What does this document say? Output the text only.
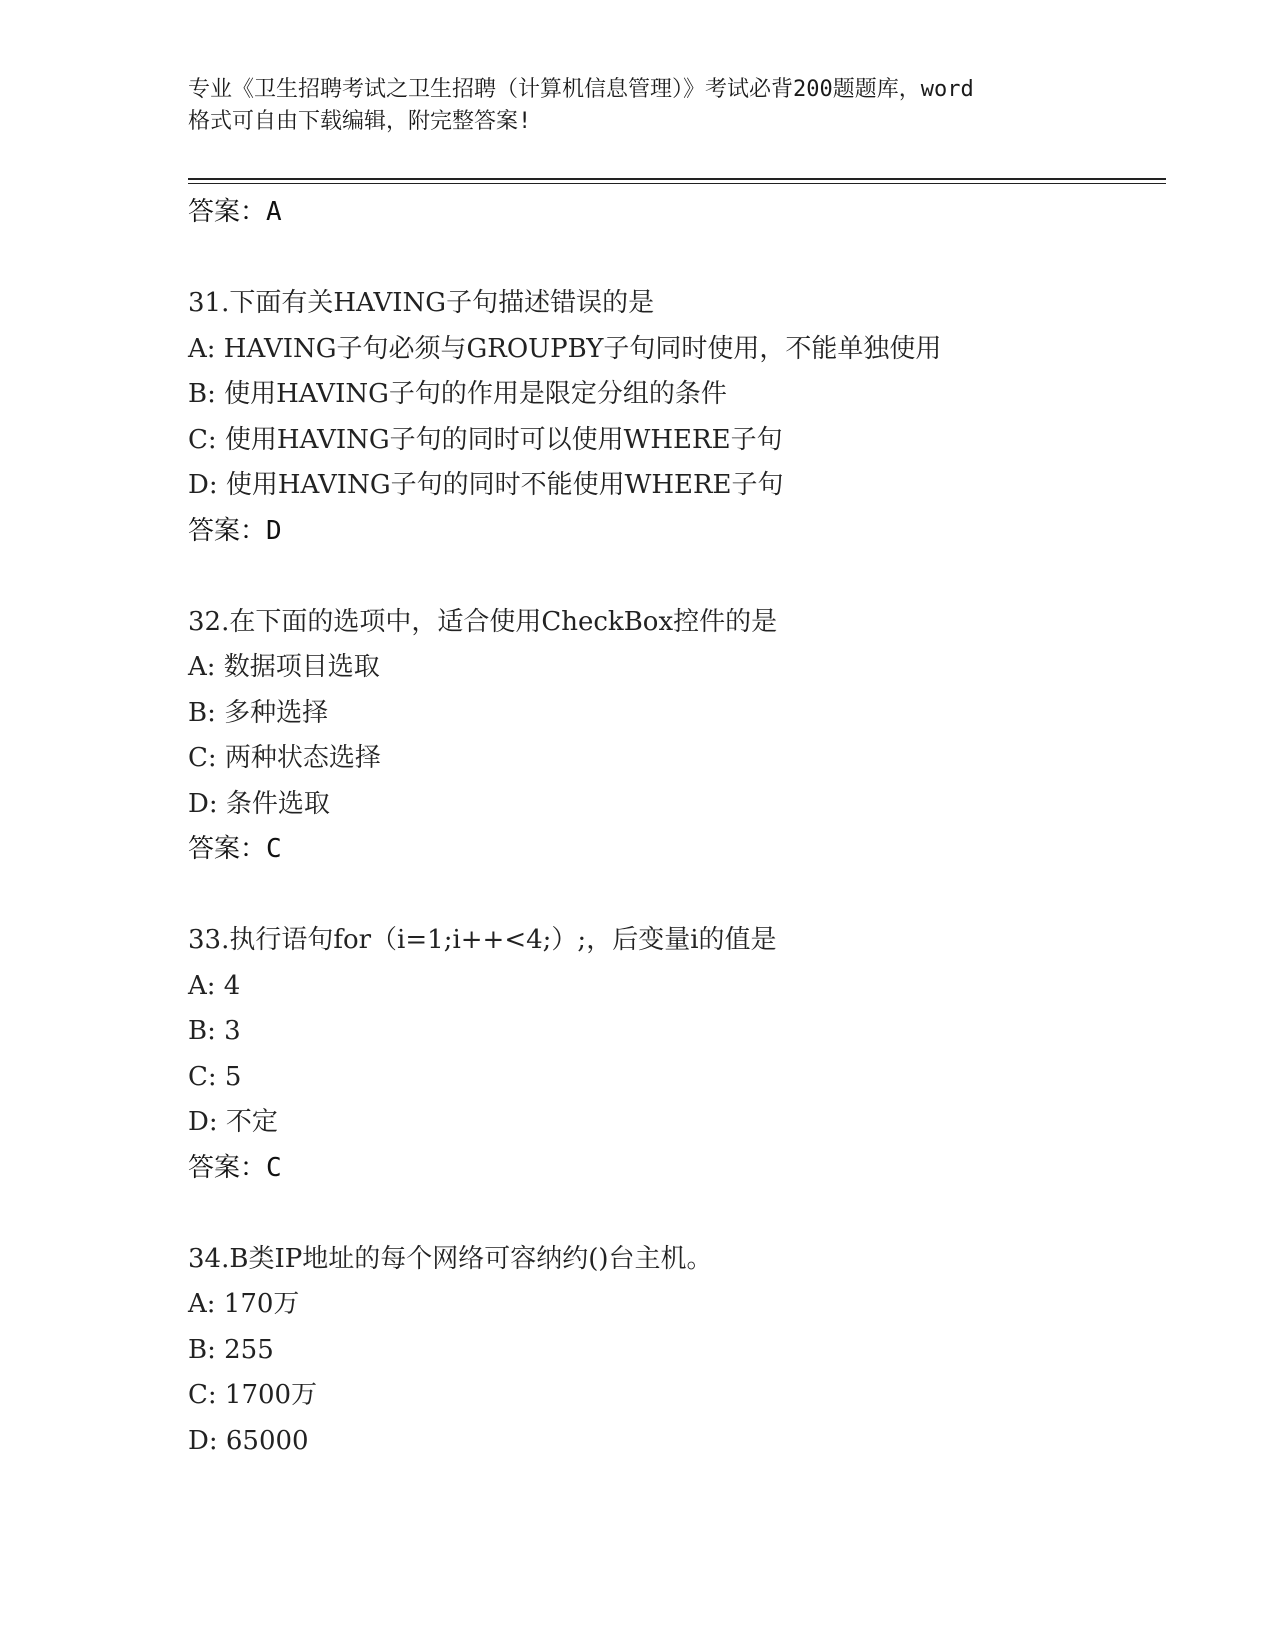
专业《卫生招聘考试之卫生招聘（计算机信息管理）》考试必背200题题库，word
格式可自由下载编辑，附完整答案!
答案：A
31.下面有关HAVING子句描述错误的是
A: HAVING子句必须与GROUPBY子句同时使用，不能单独使用
B: 使用HAVING子句的作用是限定分组的条件
C: 使用HAVING子句的同时可以使用WHERE子句
D: 使用HAVING子句的同时不能使用WHERE子句
答案：D
32.在下面的选项中，适合使用CheckBox控件的是
A: 数据项目选取
B: 多种选择
C: 两种状态选择
D: 条件选取
答案：C
33.执行语句for（i=1;i++<4;）;，后变量i的值是
A: 4
B: 3
C: 5
D: 不定
答案：C
34.B类IP地址的每个网络可容纳约()台主机。
A: 170万
B: 255
C: 1700万
D: 65000
